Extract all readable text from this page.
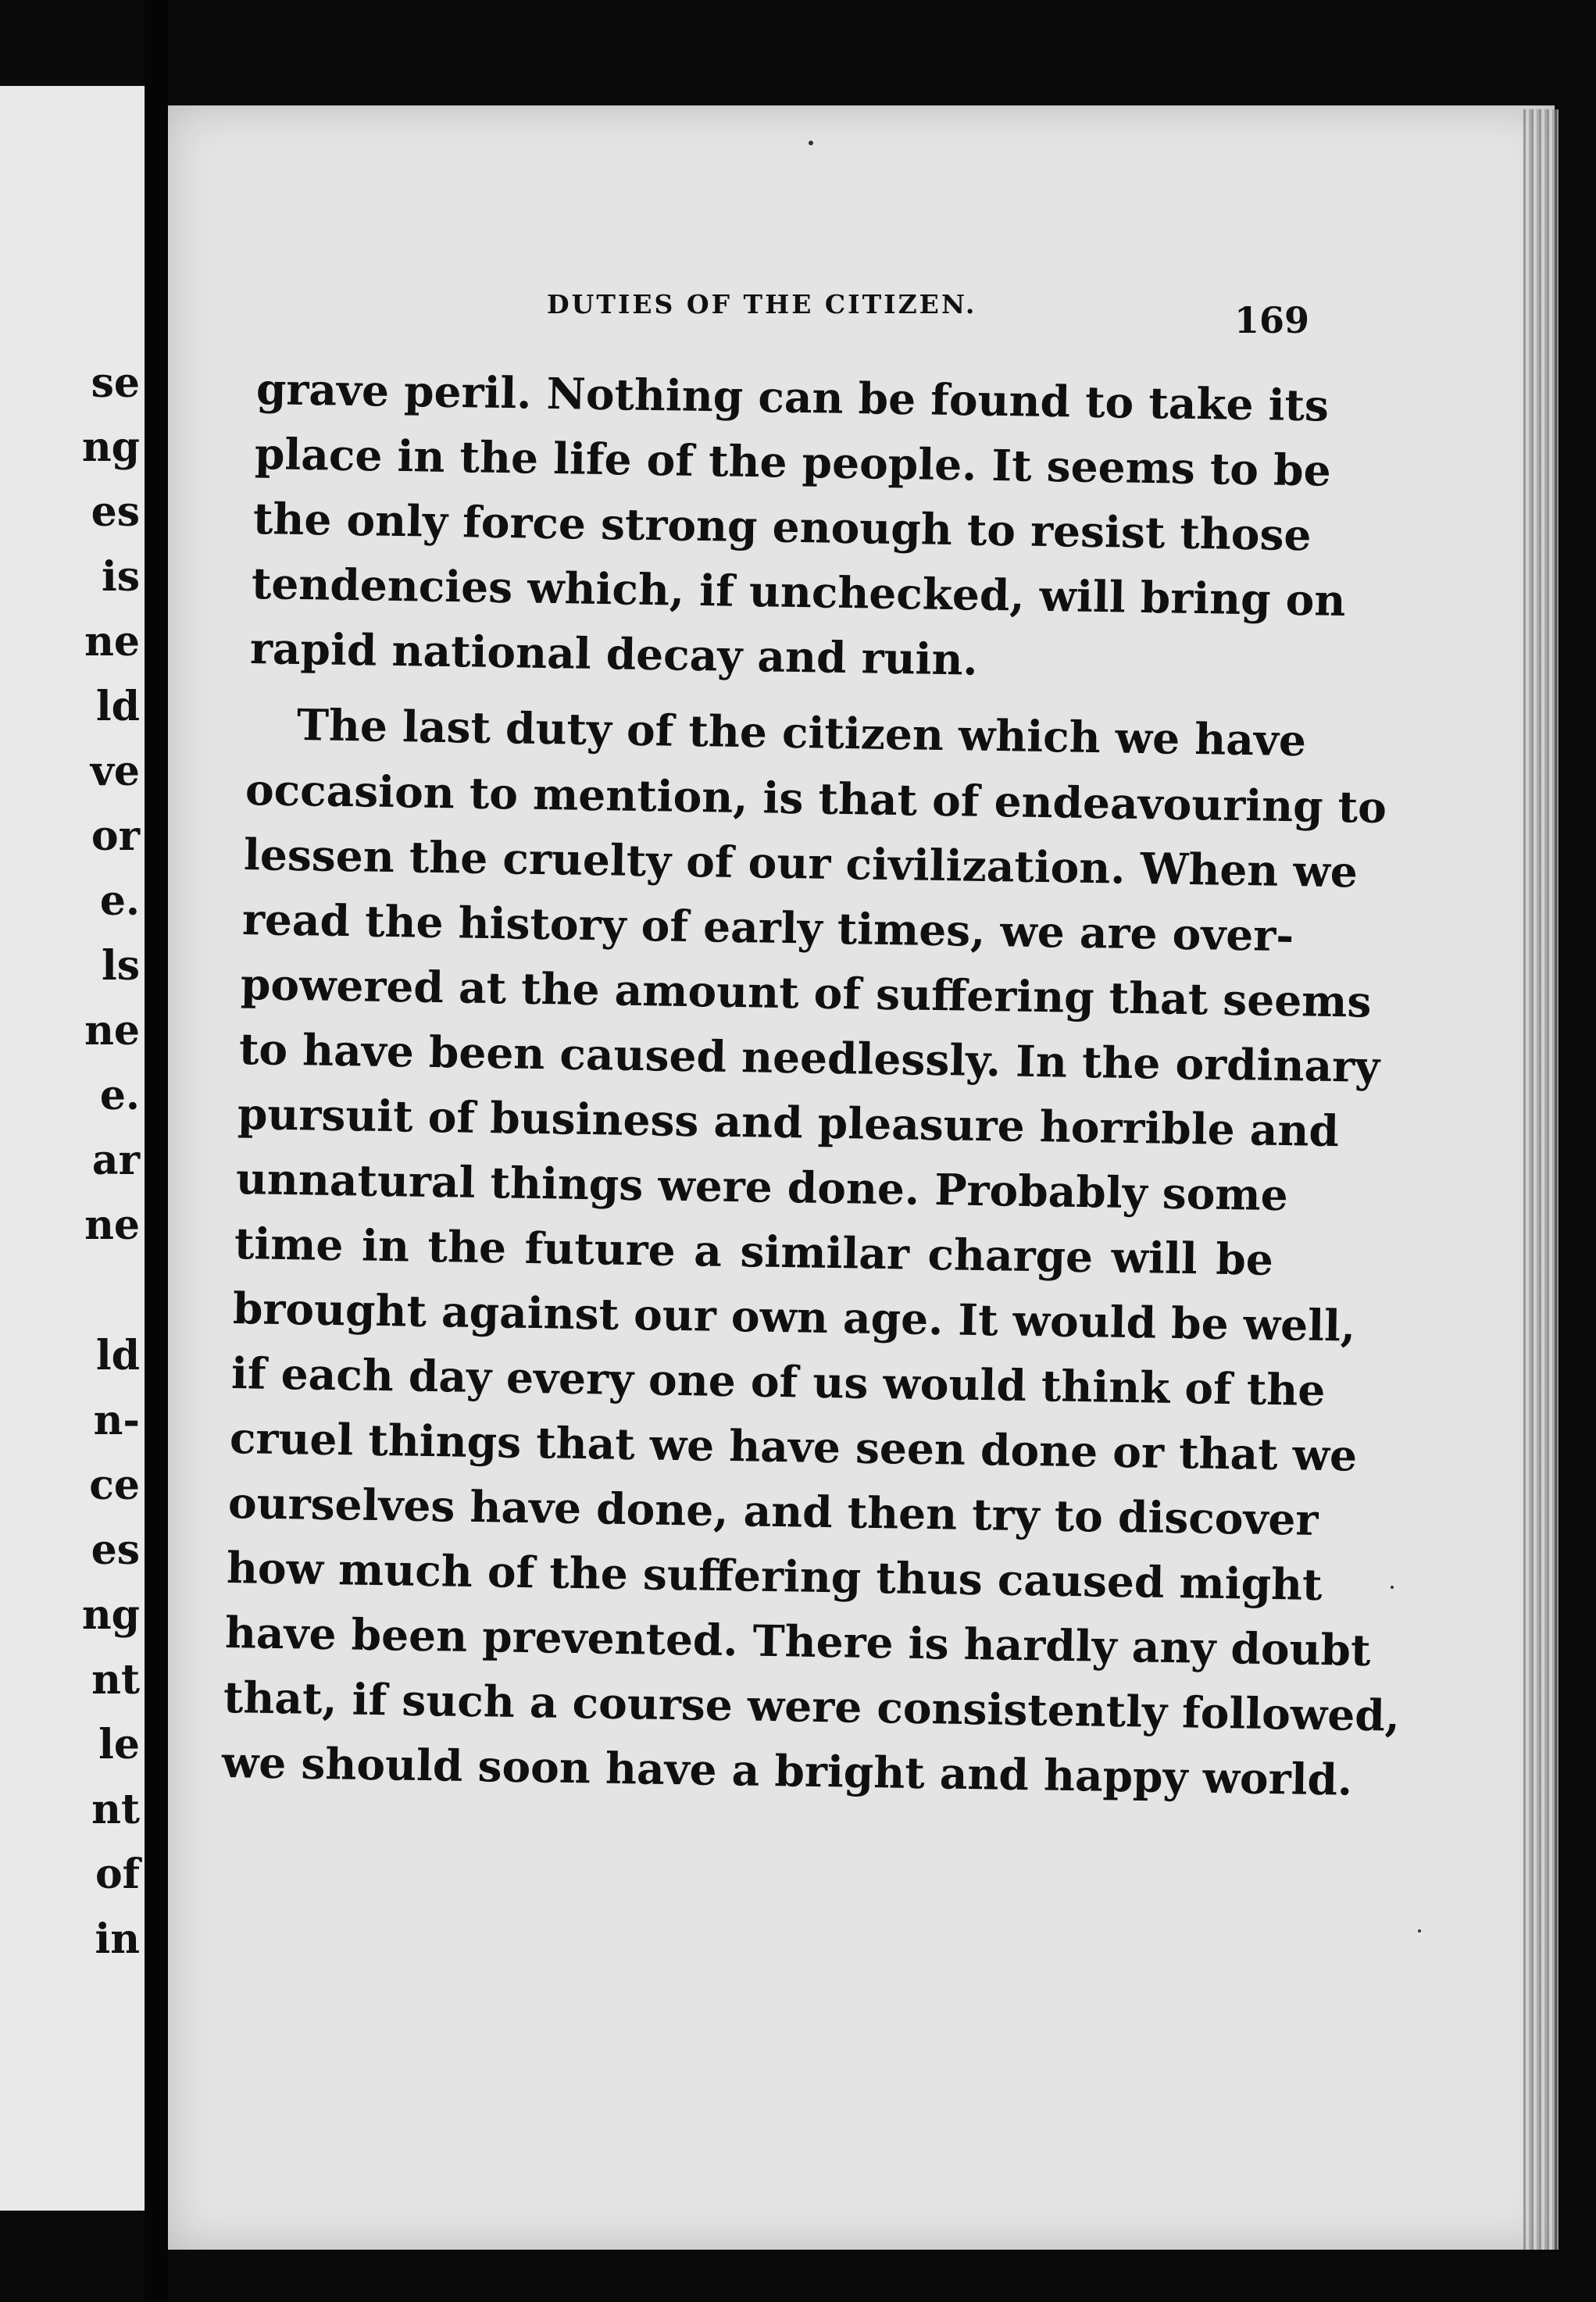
se
ng
es
is
ne
ld
ve
or
e.
ls
ne
e.
ar
ne
ld
n-
ce
es
ng
nt
le
nt
of
in
DUTIES OF THE CITIZEN.	169
grave peril. Nothing can be found to take its
place in the life of the people. It seems to be
the only force strong enough to resist those
tendencies which, if unchecked, will bring on
rapid national decay and ruin.
The last duty of the citizen which we have
occasion to mention, is that of endeavouring to
lessen the cruelty of our civilization. When we
read the history of early times, we are over-
powered at the amount of suffering that seems
to have been caused needlessly. In the ordinary
pursuit of business and pleasure horrible and
unnatural things were done. Probably some
time in the future a similar charge will be
brought against our own age. It would be well,
if each day every one of us would think of the
cruel things that we have seen done or that we
ourselves have done, and then try to discover
how much of the suffering thus caused might
have been prevented. There is hardly any doubt
that, if such a course were consistently followed,
we should soon have a bright and happy world.
